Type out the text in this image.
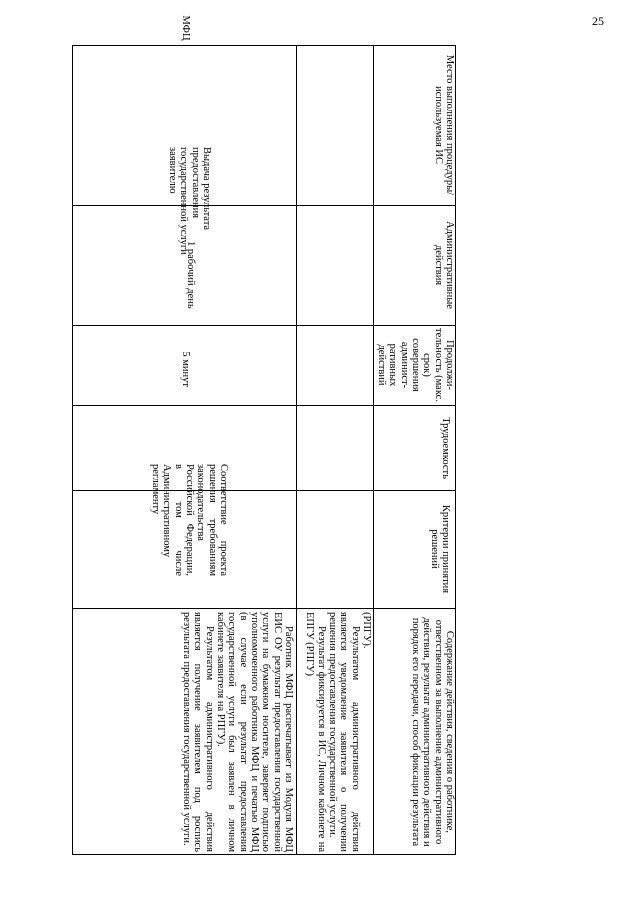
25
Место выполнения процедуры/используемая ИС
Административные действия
Продолжи-тельность (макс. срок) совершения админист-ративных действий
Трудоемкость
Критерии принятия решений
Содержание действия, сведения о работнике, ответственном за выполнение административного действия, результат административного действия и порядок его передачи, способ фиксации результата

(РПГУ).

Результатом административного действия является уведомление заявителя о получении решения предоставления государственной услуги.

Результат фиксируется в ИС, Личном кабинете на ЕПГУ (РПГУ)

МФЦ
Выдача результата предоставления государственной услуги заявителю
1 рабочий день
5 минут
Соответствие проекта решения требованиям законодательства Российской Федерации, в том числе Административному регламенту

Работник МФЦ распечатывает из Модуля МФЦ ЕИС ОУ результат предоставления государственной услуги на бумажном носителе, заверяет подписью уполномоченного работника МФЦ и печатью МФЦ (в случае если результат предоставления государственной услуги был заявлен в личном кабинете заявителя на РПГУ).

Результатом административного действия является получение заявителем под роспись результата предоставления государственной услуги.
